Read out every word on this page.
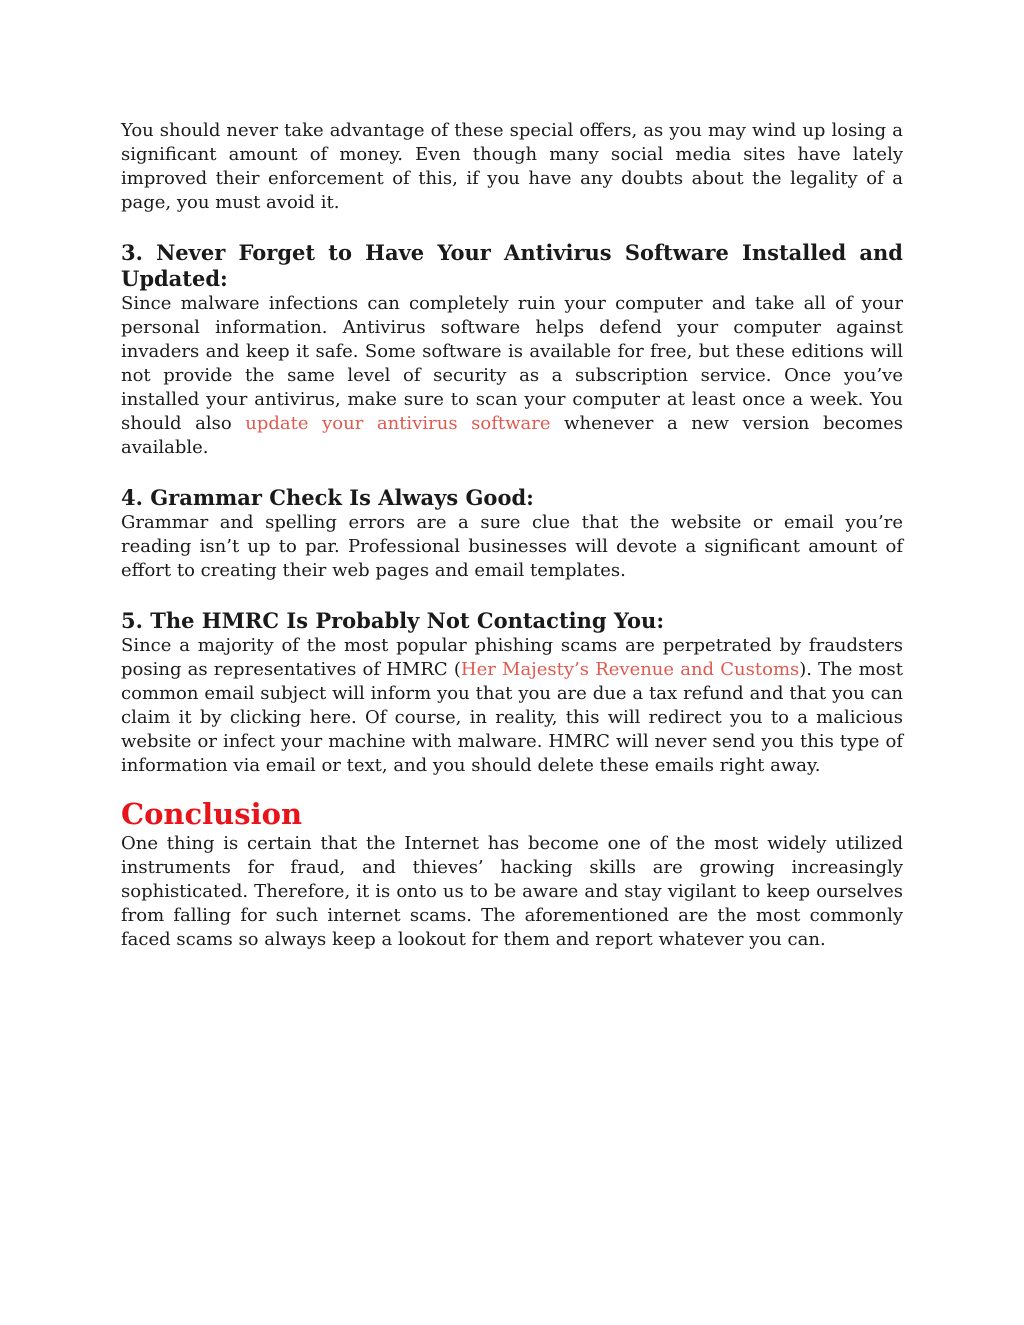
You should never take advantage of these special offers, as you may wind up losing a significant amount of money. Even though many social media sites have lately improved their enforcement of this, if you have any doubts about the legality of a page, you must avoid it.

3. Never Forget to Have Your Antivirus Software Installed and Updated:

Since malware infections can completely ruin your computer and take all of your personal information. Antivirus software helps defend your computer against invaders and keep it safe. Some software is available for free, but these editions will not provide the same level of security as a subscription service. Once you’ve installed your antivirus, make sure to scan your computer at least once a week. You should also update your antivirus software whenever a new version becomes available.

4. Grammar Check Is Always Good:

Grammar and spelling errors are a sure clue that the website or email you’re reading isn’t up to par. Professional businesses will devote a significant amount of effort to creating their web pages and email templates.

5. The HMRC Is Probably Not Contacting You:

Since a majority of the most popular phishing scams are perpetrated by fraudsters posing as representatives of HMRC (Her Majesty’s Revenue and Customs). The most common email subject will inform you that you are due a tax refund and that you can claim it by clicking here. Of course, in reality, this will redirect you to a malicious website or infect your machine with malware. HMRC will never send you this type of information via email or text, and you should delete these emails right away.

Conclusion

One thing is certain that the Internet has become one of the most widely utilized instruments for fraud, and thieves’ hacking skills are growing increasingly sophisticated. Therefore, it is onto us to be aware and stay vigilant to keep ourselves from falling for such internet scams. The aforementioned are the most commonly faced scams so always keep a lookout for them and report whatever you can.
